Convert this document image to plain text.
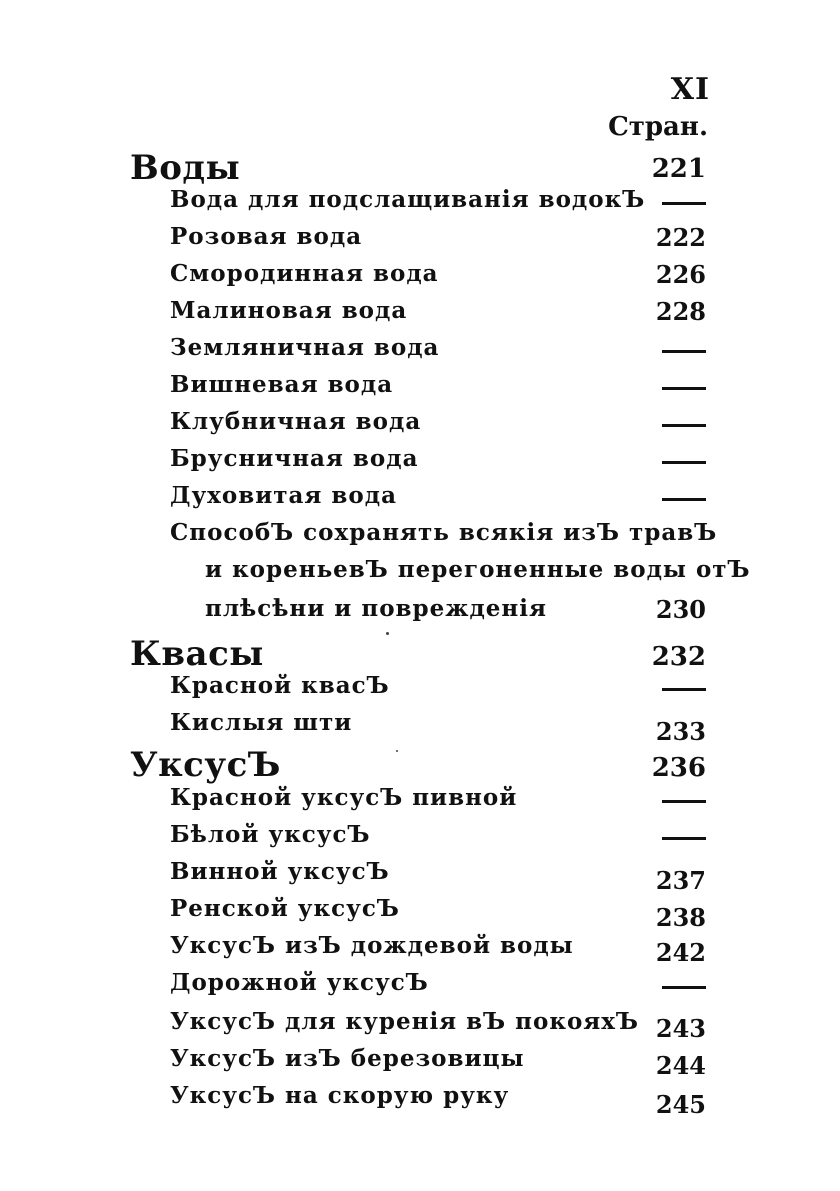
XI
Стран.
Воды	221
Вода для подслащиванія водокЪ
Розовая вода	222
Смородинная вода	226
Малиновая вода	228
Земляничная вода
Вишневая вода
Клубничная вода
Брусничная вода
Духовитая вода
СпособЪ сохранять всякія изЪ травЪ
и кореньевЪ перегоненные воды отЪ
плѣсѣни и поврежденія	230
Квасы	232
Красной квасЪ
Кислыя шти	233
УксусЪ	236
Красной уксусЪ пивной
Бѣлой уксусЪ
Винной уксусЪ	237
Ренской уксусЪ	238
УксусЪ изЪ дождевой воды	242
Дорожной уксусЪ
УксусЪ для куренія вЪ покояхЪ 243
УксусЪ изЪ березовицы	244
УксусЪ на скорую руку	245
